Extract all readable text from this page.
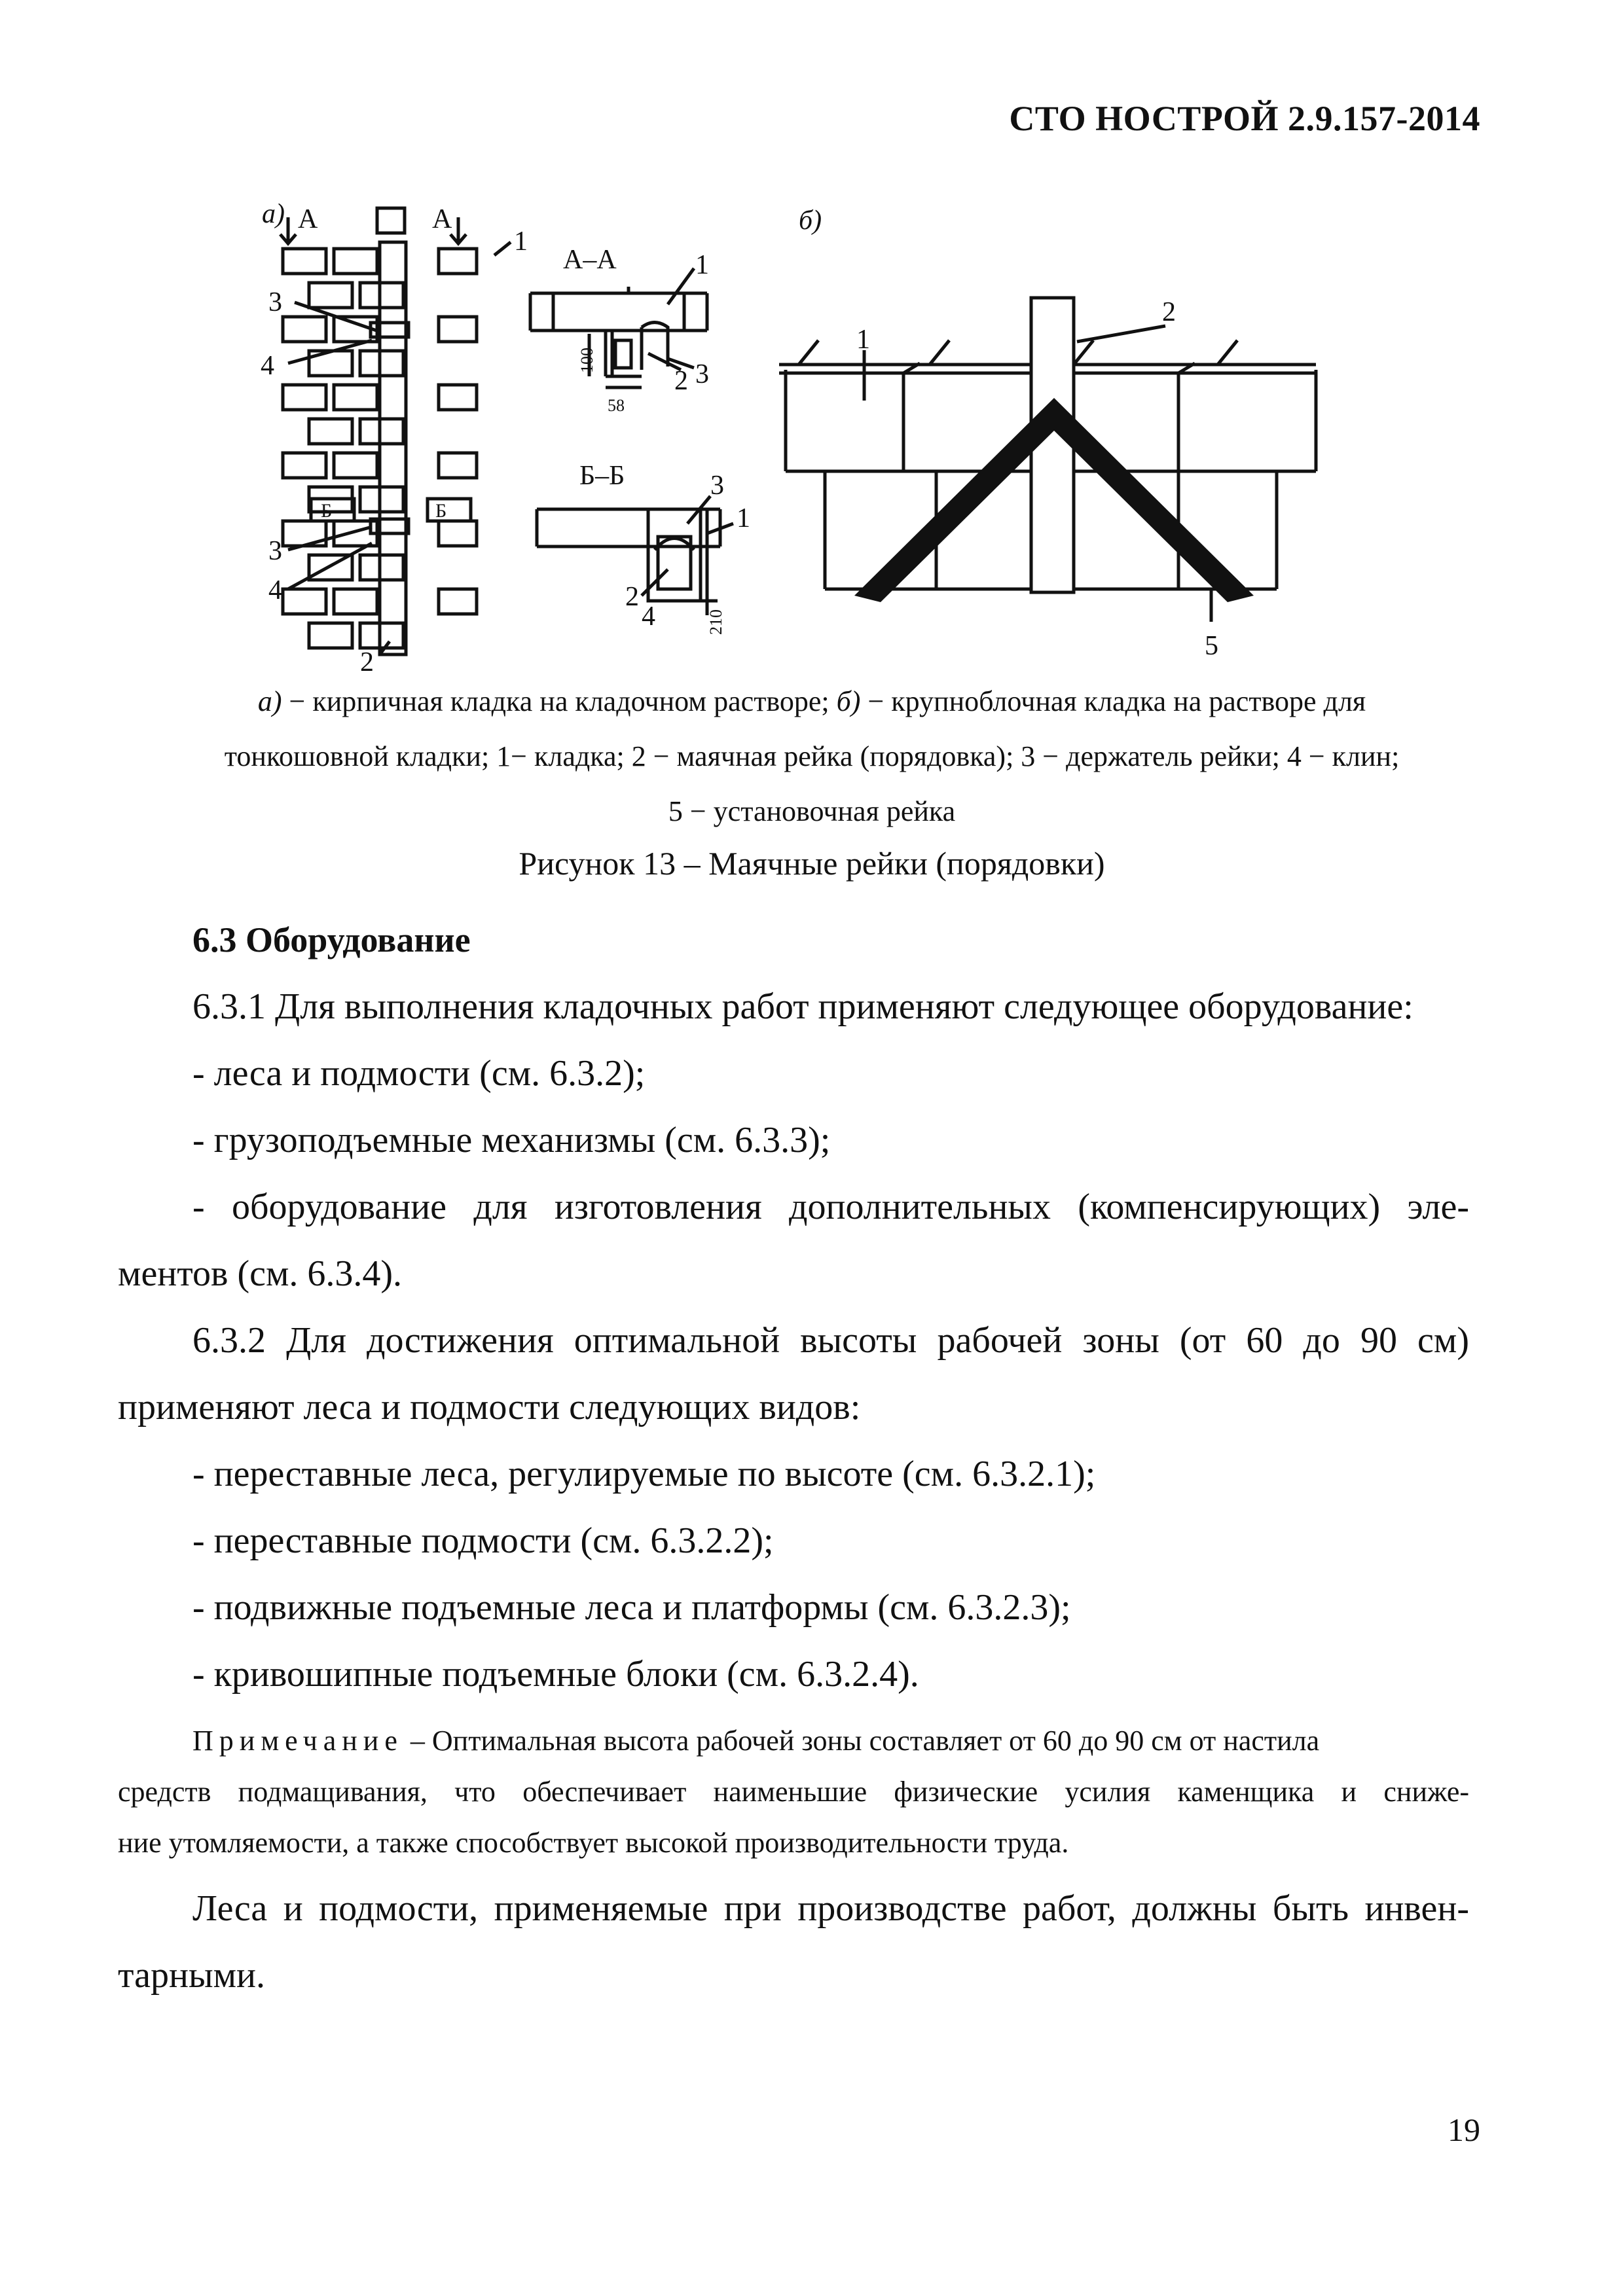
СТО НОСТРОЙ 2.9.157-2014
а)	б)
А	А
Б	Б
А–А
Б–Б
100
58
210
1
3
4
3
4
2
1
2 3
3
1
2
4
1
2
5
а) − кирпичная кладка на кладочном растворе; б) − крупноблочная кладка на растворе для
тонкошовной кладки; 1− кладка; 2 − маячная рейка (порядовка); 3 − держатель рейки; 4 − клин;
5 − установочная рейка
Рисунок 13 – Маячные рейки (порядовки)
6.3 Оборудование
6.3.1 Для выполнения кладочных работ применяют следующее оборудование:
- леса и подмости (см. 6.3.2);
- грузоподъемные механизмы (см. 6.3.3);
- оборудование для изготовления дополнительных (компенсирующих) эле-
ментов (см. 6.3.4).
6.3.2 Для достижения оптимальной высоты рабочей зоны (от 60 до 90 см)
применяют леса и подмости следующих видов:
- переставные леса, регулируемые по высоте (см. 6.3.2.1);
- переставные подмости (см. 6.3.2.2);
- подвижные подъемные леса и платформы (см. 6.3.2.3);
- кривошипные подъемные блоки (см. 6.3.2.4).
Примечание – Оптимальная высота рабочей зоны составляет от 60 до 90 см от настила
средств подмащивания, что обеспечивает наименьшие физические усилия каменщика и сниже-
ние утомляемости, а также способствует высокой производительности труда.
Леса и подмости, применяемые при производстве работ, должны быть инвен-
тарными.
19
